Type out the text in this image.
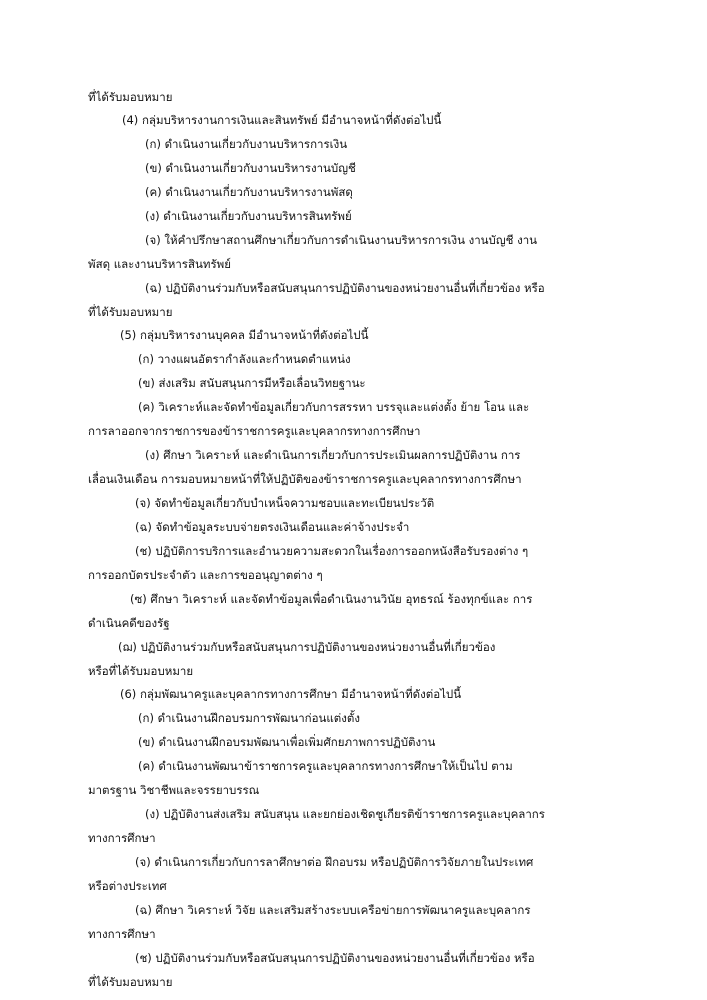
ที่ได้รับมอบหมาย
(4) กลุ่มบริหารงานการเงินและสินทรัพย์ มีอำนาจหน้าที่ดังต่อไปนี้
(ก) ดำเนินงานเกี่ยวกับงานบริหารการเงิน
(ข) ดำเนินงานเกี่ยวกับงานบริหารงานบัญชี
(ค) ดำเนินงานเกี่ยวกับงานบริหารงานพัสดุ
(ง) ดำเนินงานเกี่ยวกับงานบริหารสินทรัพย์
(จ) ให้คำปรึกษาสถานศึกษาเกี่ยวกับการดำเนินงานบริหารการเงิน งานบัญชี งาน
พัสดุ และงานบริหารสินทรัพย์
(ฉ) ปฏิบัติงานร่วมกับหรือสนับสนุนการปฏิบัติงานของหน่วยงานอื่นที่เกี่ยวข้อง หรือ
ที่ได้รับมอบหมาย
(5) กลุ่มบริหารงานบุคคล มีอำนาจหน้าที่ดังต่อไปนี้
(ก) วางแผนอัตรากำลังและกำหนดตำแหน่ง
(ข) ส่งเสริม สนับสนุนการมีหรือเลื่อนวิทยฐานะ
(ค) วิเคราะห์และจัดทำข้อมูลเกี่ยวกับการสรรหา บรรจุและแต่งตั้ง ย้าย โอน และ
การลาออกจากราชการของข้าราชการครูและบุคลากรทางการศึกษา
(ง) ศึกษา วิเคราะห์ และดำเนินการเกี่ยวกับการประเมินผลการปฏิบัติงาน การ
เลื่อนเงินเดือน การมอบหมายหน้าที่ให้ปฏิบัติของข้าราชการครูและบุคลากรทางการศึกษา
(จ) จัดทำข้อมูลเกี่ยวกับบำเหน็จความชอบและทะเบียนประวัติ
(ฉ) จัดทำข้อมูลระบบจ่ายตรงเงินเดือนและค่าจ้างประจำ
(ช) ปฏิบัติการบริการและอำนวยความสะดวกในเรื่องการออกหนังสือรับรองต่าง ๆ
การออกบัตรประจำตัว และการขออนุญาตต่าง ๆ
(ซ) ศึกษา วิเคราะห์ และจัดทำข้อมูลเพื่อดำเนินงานวินัย อุทธรณ์ ร้องทุกข์และ การ
ดำเนินคดีของรัฐ
(ฌ) ปฏิบัติงานร่วมกับหรือสนับสนุนการปฏิบัติงานของหน่วยงานอื่นที่เกี่ยวข้อง
หรือที่ได้รับมอบหมาย
(6) กลุ่มพัฒนาครูและบุคลากรทางการศึกษา มีอำนาจหน้าที่ดังต่อไปนี้
(ก) ดำเนินงานฝึกอบรมการพัฒนาก่อนแต่งตั้ง
(ข) ดำเนินงานฝึกอบรมพัฒนาเพื่อเพิ่มศักยภาพการปฏิบัติงาน
(ค) ดำเนินงานพัฒนาข้าราชการครูและบุคลากรทางการศึกษาให้เป็นไป ตาม
มาตรฐาน วิชาชีพและจรรยาบรรณ
(ง) ปฏิบัติงานส่งเสริม สนับสนุน และยกย่องเชิดชูเกียรติข้าราชการครูและบุคลากร
ทางการศึกษา
(จ) ดำเนินการเกี่ยวกับการลาศึกษาต่อ ฝึกอบรม หรือปฏิบัติการวิจัยภายในประเทศ
หรือต่างประเทศ
(ฉ) ศึกษา วิเคราะห์ วิจัย และเสริมสร้างระบบเครือข่ายการพัฒนาครูและบุคลากร
ทางการศึกษา
(ช) ปฏิบัติงานร่วมกับหรือสนับสนุนการปฏิบัติงานของหน่วยงานอื่นที่เกี่ยวข้อง หรือ
ที่ได้รับมอบหมาย
